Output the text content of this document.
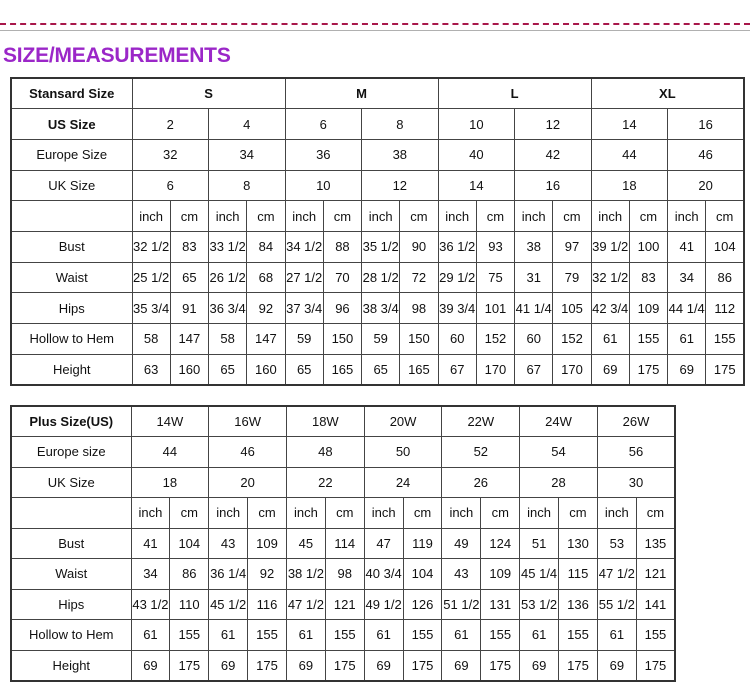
SIZE/MEASUREMENTS
Stansard Size	S				M				L				XL			
US Size	2		4		6		8		10		12		14		16	
Europe Size	32		34		36		38		40		42		44		46	
UK Size	6		8		10		12		14		16		18		20	
	inch	cm	inch	cm	inch	cm	inch	cm	inch	cm	inch	cm	inch	cm	inch	cm
Bust	32 1/2	83	33 1/2	84	34 1/2	88	35 1/2	90	36 1/2	93	38	97	39 1/2	100	41	104
Waist	25 1/2	65	26 1/2	68	27 1/2	70	28 1/2	72	29 1/2	75	31	79	32 1/2	83	34	86
Hips	35 3/4	91	36 3/4	92	37 3/4	96	38 3/4	98	39 3/4	101	41 1/4	105	42 3/4	109	44 1/4	112
Hollow to Hem	58	147	58	147	59	150	59	150	60	152	60	152	61	155	61	155
Height	63	160	65	160	65	165	65	165	67	170	67	170	69	175	69	175
Plus Size(US)	14W		16W		18W		20W		22W		24W		26W	
Europe size	44		46		48		50		52		54		56	
UK Size	18		20		22		24		26		28		30	
	inch	cm	inch	cm	inch	cm	inch	cm	inch	cm	inch	cm	inch	cm
Bust	41	104	43	109	45	114	47	119	49	124	51	130	53	135
Waist	34	86	36 1/4	92	38 1/2	98	40 3/4	104	43	109	45 1/4	115	47 1/2	121
Hips	43 1/2	110	45 1/2	116	47 1/2	121	49 1/2	126	51 1/2	131	53 1/2	136	55 1/2	141
Hollow to Hem	61	155	61	155	61	155	61	155	61	155	61	155	61	155
Height	69	175	69	175	69	175	69	175	69	175	69	175	69	175
